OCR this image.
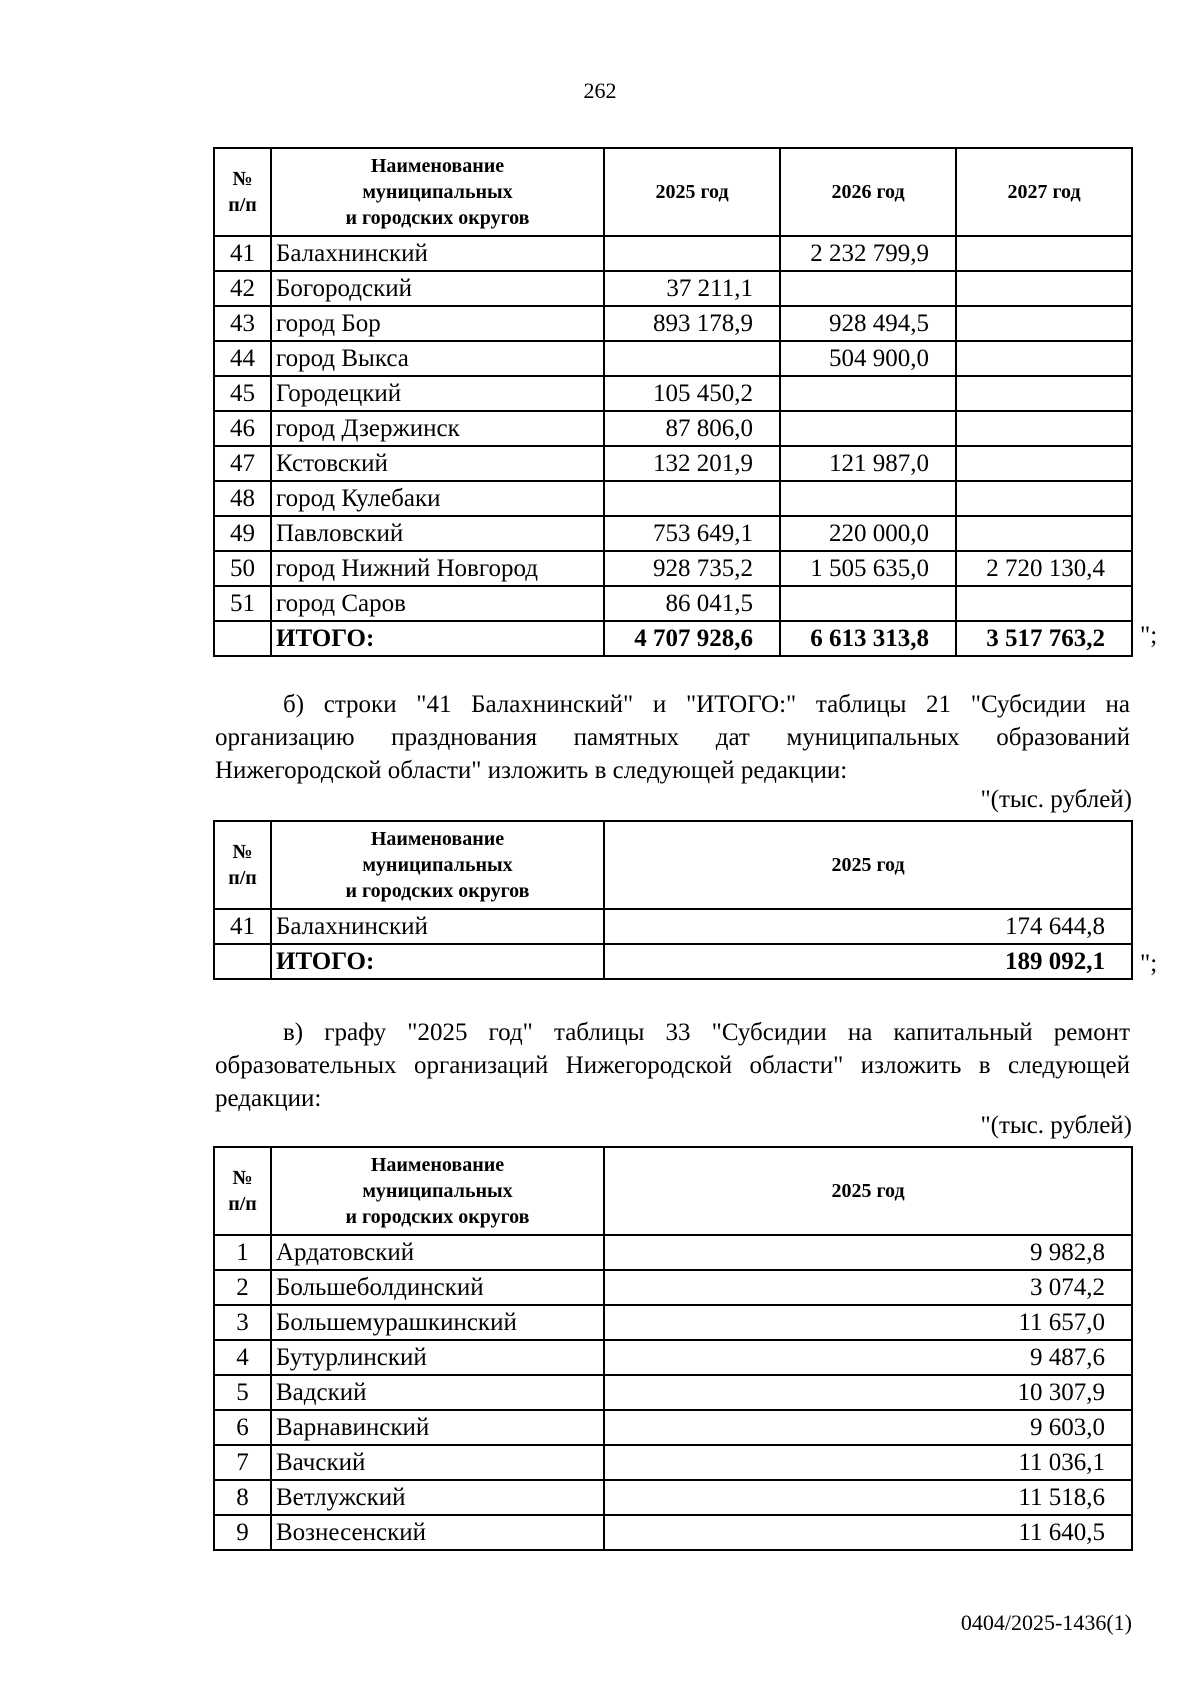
262
№
п/п	Наименование
муниципальных
и городских округов	2025 год	2026 год	2027 год
41	Балахнинский		2 232 799,9	
42	Богородский	37 211,1		
43	город Бор	893 178,9	928 494,5	
44	город Выкса		504 900,0	
45	Городецкий	105 450,2		
46	город Дзержинск	87 806,0		
47	Кстовский	132 201,9	121 987,0	
48	город Кулебаки			
49	Павловский	753 649,1	220 000,0	
50	город Нижний Новгород	928 735,2	1 505 635,0	2 720 130,4
51	город Саров	86 041,5		
	ИТОГО:	4 707 928,6	6 613 313,8	3 517 763,2 ";
б) строки "41 Балахнинский" и "ИТОГО:" таблицы 21 "Субсидии на организацию празднования памятных дат муниципальных образований Нижегородской области" изложить в следующей редакции:
"(тыс. рублей)
№
п/п	Наименование
муниципальных
и городских округов	2025 год
41	Балахнинский	174 644,8
	ИТОГО:	189 092,1 ";
в) графу "2025 год" таблицы 33 "Субсидии на капитальный ремонт образовательных организаций Нижегородской области" изложить в следующей редакции:
"(тыс. рублей)
№
п/п	Наименование
муниципальных
и городских округов	2025 год
1	Ардатовский	9 982,8
2	Большеболдинский	3 074,2
3	Большемурашкинский	11 657,0
4	Бутурлинский	9 487,6
5	Вадский	10 307,9
6	Варнавинский	9 603,0
7	Вачский	11 036,1
8	Ветлужский	11 518,6
9	Вознесенский	11 640,5
0404/2025-1436(1)
